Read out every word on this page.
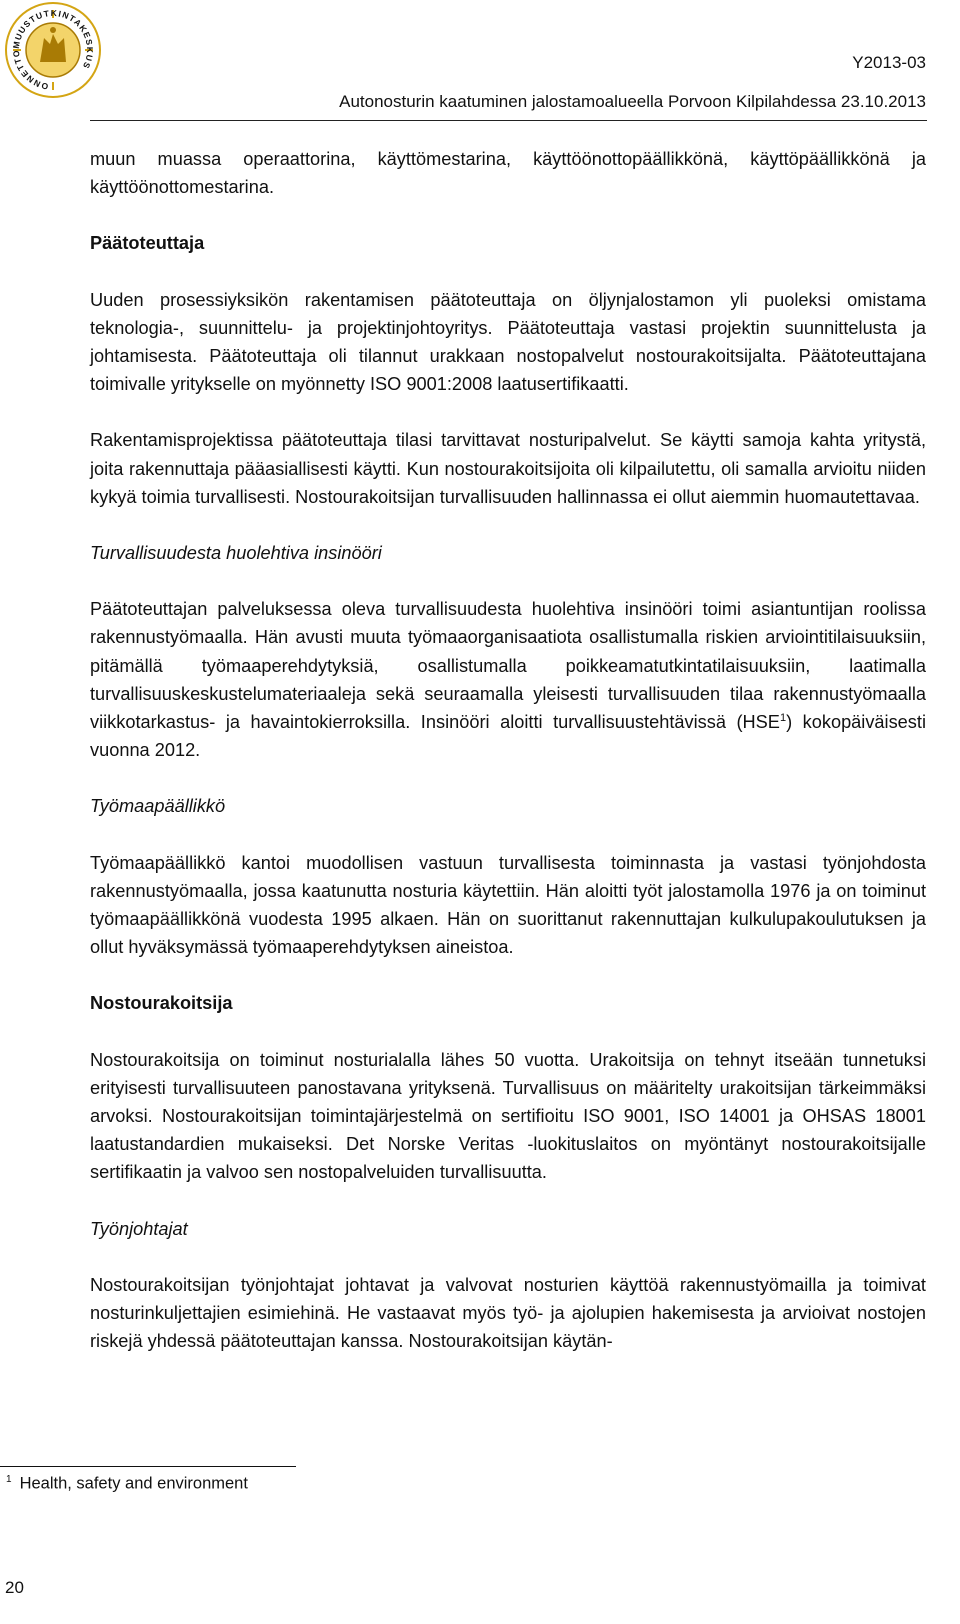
ONNETTOMUUSTUTKINTAKESKUS	Y2013-03
Autonosturin kaatuminen jalostamoalueella Porvoon Kilpilahdessa 23.10.2013

muun muassa operaattorina, käyttömestarina, käyttöönottopäällikkönä, käyttöpäällikkönä ja käyttöönottomestarina.

Päätoteuttaja

Uuden prosessiyksikön rakentamisen päätoteuttaja on öljynjalostamon yli puoleksi omistama teknologia-, suunnittelu- ja projektinjohtoyritys. Päätoteuttaja vastasi projektin suunnittelusta ja johtamisesta. Päätoteuttaja oli tilannut urakkaan nostopalvelut nostourakoitsijalta. Päätoteuttajana toimivalle yritykselle on myönnetty ISO 9001:2008 laatusertifikaatti.

Rakentamisprojektissa päätoteuttaja tilasi tarvittavat nosturipalvelut. Se käytti samoja kahta yritystä, joita rakennuttaja pääasiallisesti käytti. Kun nostourakoitsijoita oli kilpailutettu, oli samalla arvioitu niiden kykyä toimia turvallisesti. Nostourakoitsijan turvallisuuden hallinnassa ei ollut aiemmin huomautettavaa.

Turvallisuudesta huolehtiva insinööri

Päätoteuttajan palveluksessa oleva turvallisuudesta huolehtiva insinööri toimi asiantuntijan roolissa rakennustyömaalla. Hän avusti muuta työmaaorganisaatiota osallistumalla riskien arviointitilaisuuksiin, pitämällä työmaaperehdytyksiä, osallistumalla poikkeamatutkintatilaisuuksiin, laatimalla turvallisuuskeskustelumateriaaleja sekä seuraamalla yleisesti turvallisuuden tilaa rakennustyömaalla viikkotarkastus- ja havaintokierroksilla. Insinööri aloitti turvallisuustehtävissä (HSE$^1$) kokopäiväisesti vuonna 2012.

Työmaapäällikkö

Työmaapäällikkö kantoi muodollisen vastuun turvallisesta toiminnasta ja vastasi työnjohdosta rakennustyömaalla, jossa kaatunutta nosturia käytettiin. Hän aloitti työt jalostamolla 1976 ja on toiminut työmaapäällikkönä vuodesta 1995 alkaen. Hän on suorittanut rakennuttajan kulkulupakoulutuksen ja ollut hyväksymässä työmaaperehdytyksen aineistoa.

Nostourakoitsija

Nostourakoitsija on toiminut nosturialalla lähes 50 vuotta. Urakoitsija on tehnyt itseään tunnetuksi erityisesti turvallisuuteen panostavana yrityksenä. Turvallisuus on määritelty urakoitsijan tärkeimmäksi arvoksi. Nostourakoitsijan toimintajärjestelmä on sertifioitu ISO 9001, ISO 14001 ja OHSAS 18001 laatustandardien mukaiseksi. Det Norske Veritas -luokituslaitos on myöntänyt nostourakoitsijalle sertifikaatin ja valvoo sen nostopalveluiden turvallisuutta.

Työnjohtajat

Nostourakoitsijan työnjohtajat johtavat ja valvovat nosturien käyttöä rakennustyömailla ja toimivat nosturinkuljettajien esimiehinä. He vastaavat myös työ- ja ajolupien hakemisesta ja arvioivat nostojen riskejä yhdessä päätoteuttajan kanssa. Nostourakoitsijan käytän-

$^1$ Health, safety and environment
20
